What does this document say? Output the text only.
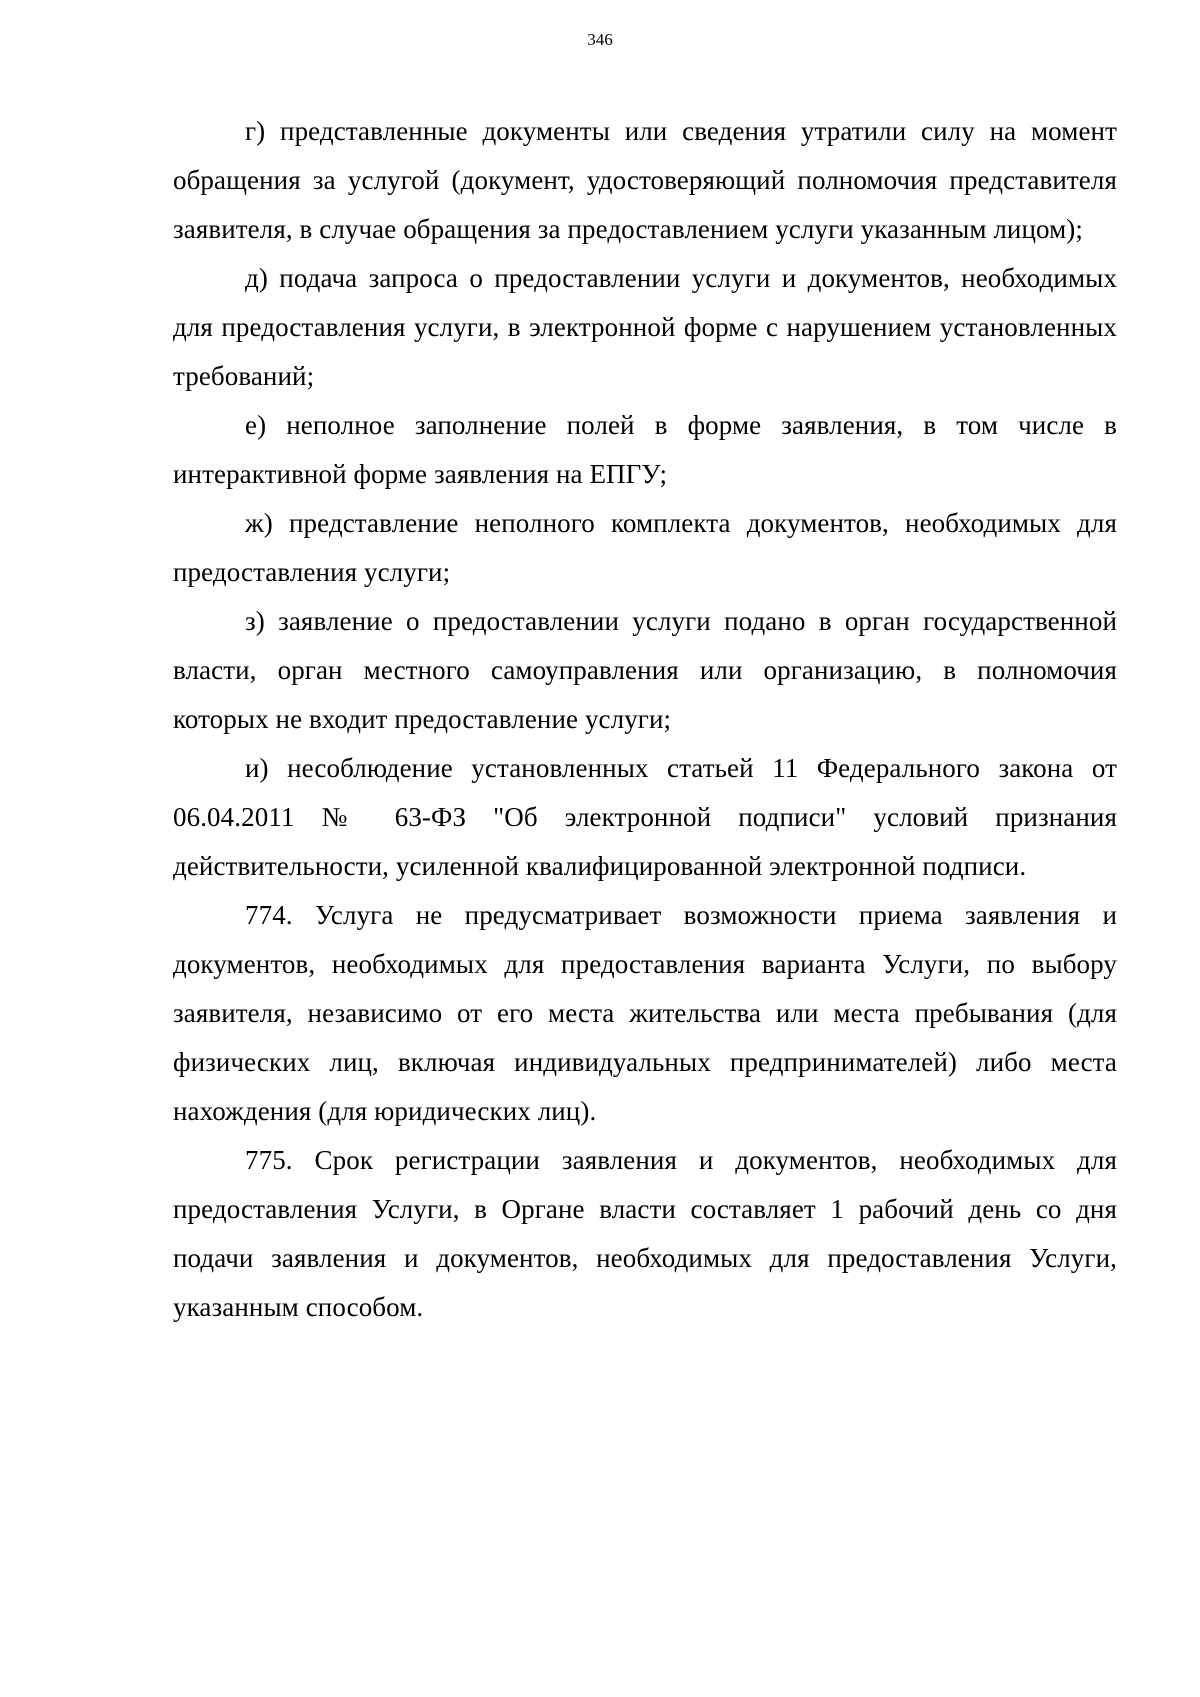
346

г) представленные документы или сведения утратили силу на момент обращения за услугой (документ, удостоверяющий полномочия представителя заявителя, в случае обращения за предоставлением услуги указанным лицом);

д) подача запроса о предоставлении услуги и документов, необходимых для предоставления услуги, в электронной форме с нарушением установленных требований;

е) неполное заполнение полей в форме заявления, в том числе в интерактивной форме заявления на ЕПГУ;

ж) представление неполного комплекта документов, необходимых для предоставления услуги;

з) заявление о предоставлении услуги подано в орган государственной власти, орган местного самоуправления или организацию, в полномочия которых не входит предоставление услуги;

и) несоблюдение установленных статьей 11 Федерального закона от 06.04.2011 № 63-ФЗ "Об электронной подписи" условий признания действительности, усиленной квалифицированной электронной подписи.

774. Услуга не предусматривает возможности приема заявления и документов, необходимых для предоставления варианта Услуги, по выбору заявителя, независимо от его места жительства или места пребывания (для физических лиц, включая индивидуальных предпринимателей) либо места нахождения (для юридических лиц).

775. Срок регистрации заявления и документов, необходимых для предоставления Услуги, в Органе власти составляет 1 рабочий день со дня подачи заявления и документов, необходимых для предоставления Услуги, указанным способом.
